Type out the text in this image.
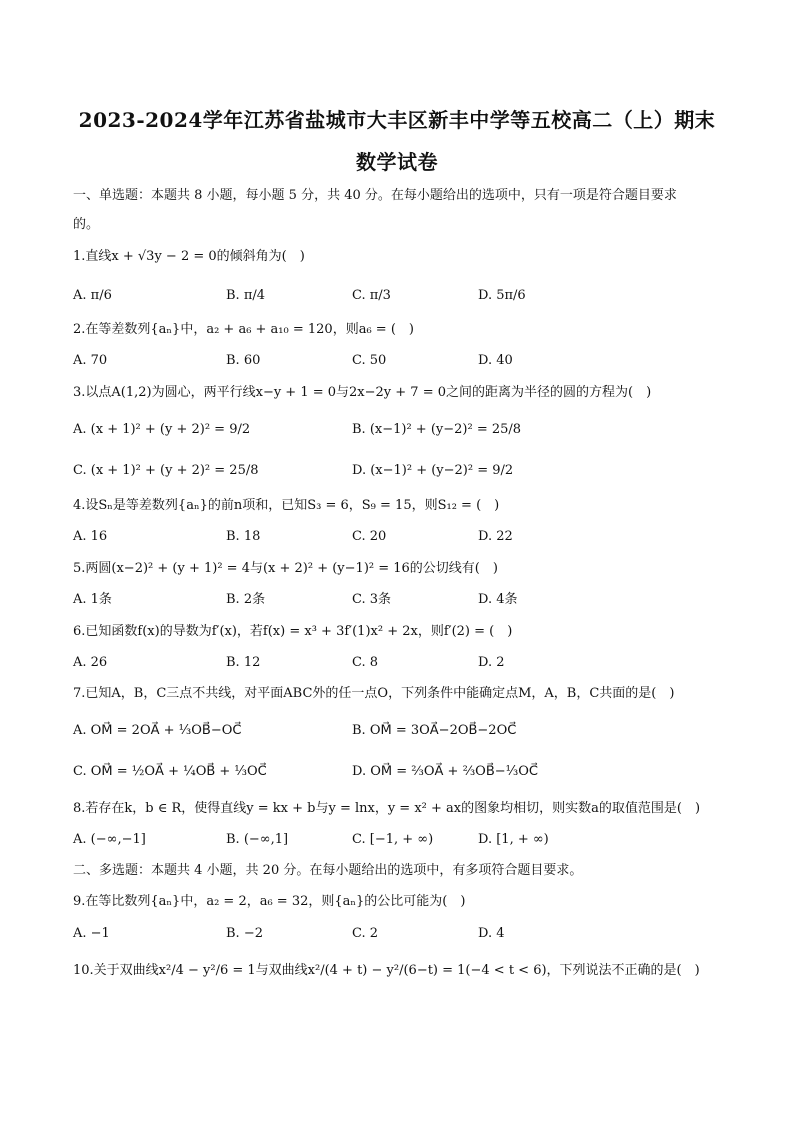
2023-2024学年江苏省盐城市大丰区新丰中学等五校高二（上）期末
数学试卷
一、单选题：本题共 8 小题，每小题 5 分，共 40 分。在每小题给出的选项中，只有一项是符合题目要求
的。
1.直线x + √3y − 2 = 0的倾斜角为(　)
A. π/6	B. π/4	C. π/3	D. 5π/6
2.在等差数列{aₙ}中，a₂ + a₆ + a₁₀ = 120，则a₆ = (　)
A. 70	B. 60	C. 50	D. 40
3.以点A(1,2)为圆心，两平行线x−y + 1 = 0与2x−2y + 7 = 0之间的距离为半径的圆的方程为(　)
A. (x + 1)² + (y + 2)² = 9/2	B. (x−1)² + (y−2)² = 25/8
C. (x + 1)² + (y + 2)² = 25/8	D. (x−1)² + (y−2)² = 9/2
4.设Sₙ是等差数列{aₙ}的前n项和，已知S₃ = 6，S₉ = 15，则S₁₂ = (　)
A. 16	B. 18	C. 20	D. 22
5.两圆(x−2)² + (y + 1)² = 4与(x + 2)² + (y−1)² = 16的公切线有(　)
A. 1条	B. 2条	C. 3条	D. 4条
6.已知函数f(x)的导数为f′(x)，若f(x) = x³ + 3f′(1)x² + 2x，则f′(2) = (　)
A. 26	B. 12	C. 8	D. 2
7.已知A，B，C三点不共线，对平面ABC外的任一点O，下列条件中能确定点M，A，B，C共面的是(　)
A. OM⃗ = 2OA⃗ + ⅓OB⃗−OC⃗	B. OM⃗ = 3OA⃗−2OB⃗−2OC⃗
C. OM⃗ = ½OA⃗ + ¼OB⃗ + ⅓OC⃗	D. OM⃗ = ⅔OA⃗ + ⅔OB⃗−⅓OC⃗
8.若存在k，b ∈ R，使得直线y = kx + b与y = lnx，y = x² + ax的图象均相切，则实数a的取值范围是(　)
A. (−∞,−1]	B. (−∞,1]	C. [−1, + ∞)	D. [1, + ∞)
二、多选题：本题共 4 小题，共 20 分。在每小题给出的选项中，有多项符合题目要求。
9.在等比数列{aₙ}中，a₂ = 2，a₆ = 32，则{aₙ}的公比可能为(　)
A. −1	B. −2	C. 2	D. 4
10.关于双曲线x²/4 − y²/6 = 1与双曲线x²/(4 + t) − y²/(6−t) = 1(−4 < t < 6)，下列说法不正确的是(　)
